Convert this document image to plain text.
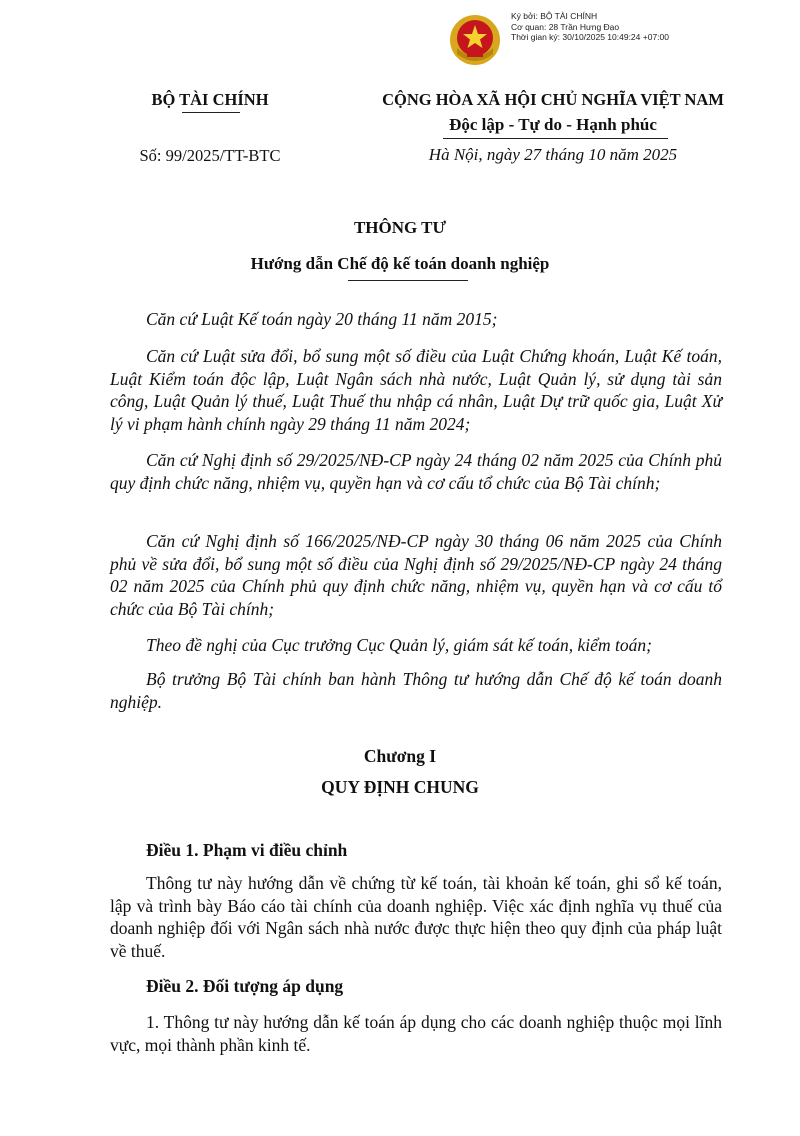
Ký bởi: BỘ TÀI CHÍNH
Cơ quan: 28 Trần Hưng Đạo
Thời gian ký: 30/10/2025 10:49:24 +07:00
BỘ TÀI CHÍNH
Số: 99/2025/TT-BTC
CỘNG HÒA XÃ HỘI CHỦ NGHĨA VIỆT NAM
Độc lập - Tự do - Hạnh phúc
Hà Nội, ngày 27 tháng 10 năm 2025
THÔNG TƯ
Hướng dẫn Chế độ kế toán doanh nghiệp

Căn cứ Luật Kế toán ngày 20 tháng 11 năm 2015;

Căn cứ Luật sửa đổi, bổ sung một số điều của Luật Chứng khoán, Luật Kế toán, Luật Kiểm toán độc lập, Luật Ngân sách nhà nước, Luật Quản lý, sử dụng tài sản công, Luật Quản lý thuế, Luật Thuế thu nhập cá nhân, Luật Dự trữ quốc gia, Luật Xử lý vi phạm hành chính ngày 29 tháng 11 năm 2024;

Căn cứ Nghị định số 29/2025/NĐ-CP ngày 24 tháng 02 năm 2025 của Chính phủ quy định chức năng, nhiệm vụ, quyền hạn và cơ cấu tổ chức của Bộ Tài chính;

Căn cứ Nghị định số 166/2025/NĐ-CP ngày 30 tháng 06 năm 2025 của Chính phủ về sửa đổi, bổ sung một số điều của Nghị định số 29/2025/NĐ-CP ngày 24 tháng 02 năm 2025 của Chính phủ quy định chức năng, nhiệm vụ, quyền hạn và cơ cấu tổ chức của Bộ Tài chính;

Theo đề nghị của Cục trưởng Cục Quản lý, giám sát kế toán, kiểm toán;

Bộ trưởng Bộ Tài chính ban hành Thông tư hướng dẫn Chế độ kế toán doanh nghiệp.

Chương I
QUY ĐỊNH CHUNG
Điều 1. Phạm vi điều chỉnh

Thông tư này hướng dẫn về chứng từ kế toán, tài khoản kế toán, ghi sổ kế toán, lập và trình bày Báo cáo tài chính của doanh nghiệp. Việc xác định nghĩa vụ thuế của doanh nghiệp đối với Ngân sách nhà nước được thực hiện theo quy định của pháp luật về thuế.

Điều 2. Đối tượng áp dụng

1. Thông tư này hướng dẫn kế toán áp dụng cho các doanh nghiệp thuộc mọi lĩnh vực, mọi thành phần kinh tế.
